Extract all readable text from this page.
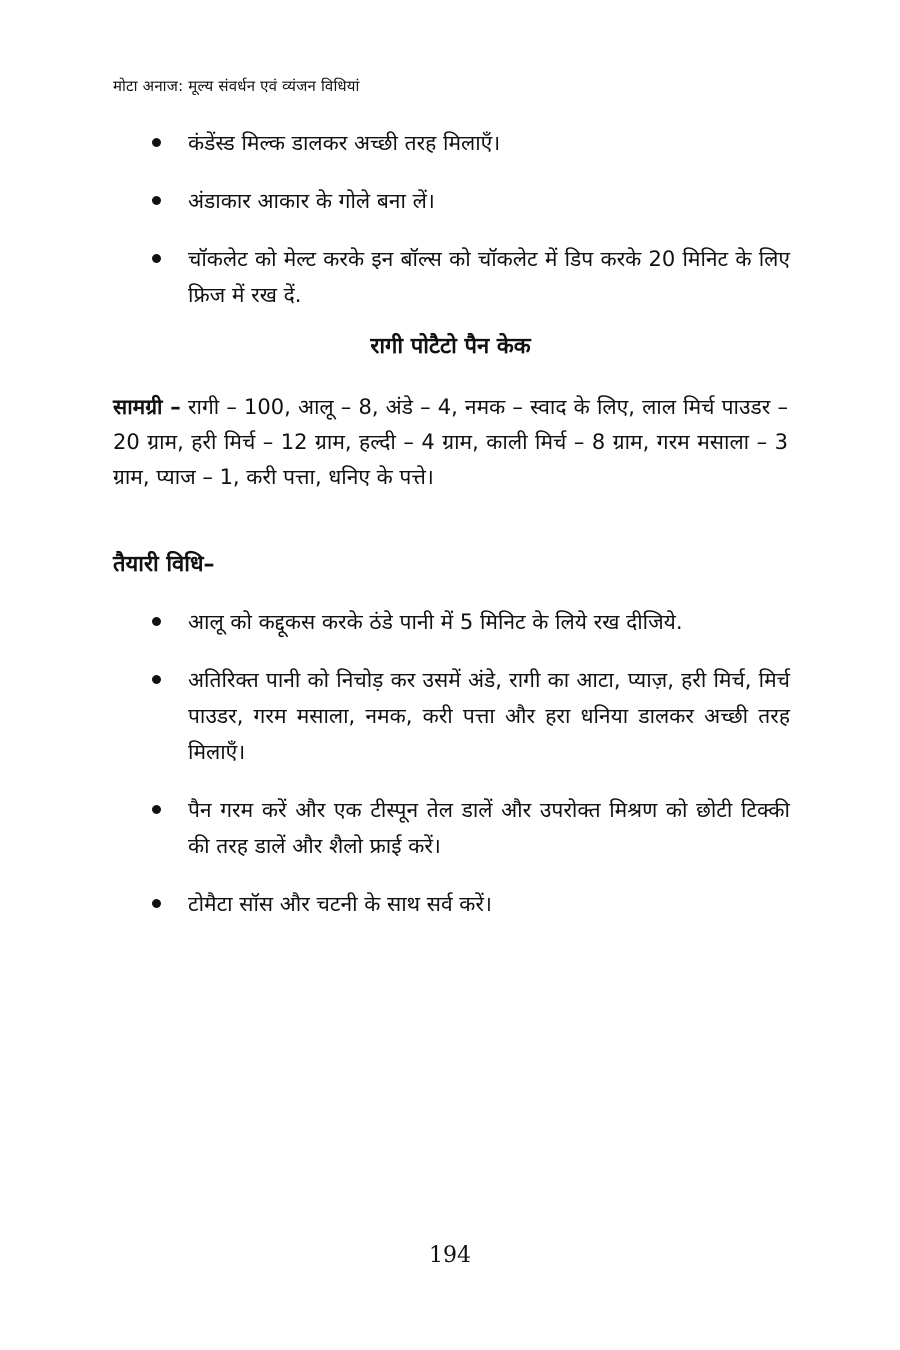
मोटा अनाज: मूल्य संवर्धन एवं व्यंजन विधियां
कंडेंस्ड मिल्क डालकर अच्छी तरह मिलाएँ।
अंडाकार आकार के गोले बना लें।
चॉकलेट को मेल्ट करके इन बॉल्स को चॉकलेट में डिप करके 20 मिनिट के लिए फ्रिज में रख दें.
रागी पोटैटो पैन केक

सामग्री – रागी – 100, आलू – 8, अंडे – 4, नमक – स्वाद के लिए, लाल मिर्च पाउडर – 20 ग्राम, हरी मिर्च – 12 ग्राम, हल्दी – 4 ग्राम, काली मिर्च – 8 ग्राम, गरम मसाला – 3 ग्राम, प्याज – 1, करी पत्ता, धनिए के पत्ते।

तैयारी विधि–
आलू को कद्दूकस करके ठंडे पानी में 5 मिनिट के लिये रख दीजिये.
अतिरिक्त पानी को निचोड़ कर उसमें अंडे, रागी का आटा, प्याज़, हरी मिर्च, मिर्च पाउडर, गरम मसाला, नमक, करी पत्ता और हरा धनिया डालकर अच्छी तरह मिलाएँ।
पैन गरम करें और एक टीस्पून तेल डालें और उपरोक्त मिश्रण को छोटी टिक्की की तरह डालें और शैलो फ्राई करें।
टोमैटा सॉस और चटनी के साथ सर्व करें।
194
